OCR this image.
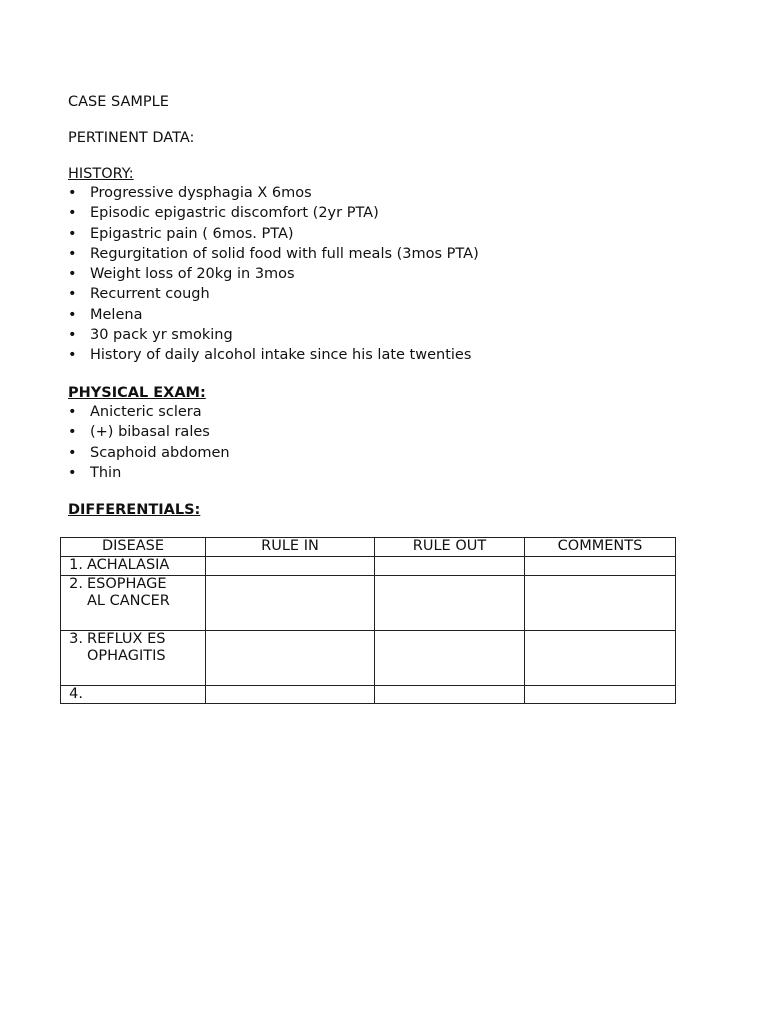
CASE SAMPLE
PERTINENT DATA:
HISTORY:
• Progressive dysphagia X 6mos
• Episodic epigastric discomfort (2yr PTA)
• Epigastric pain ( 6mos. PTA)
• Regurgitation of solid food with full meals (3mos PTA)
• Weight loss of 20kg in 3mos
• Recurrent cough
• Melena
• 30 pack yr smoking
• History of daily alcohol intake since his late twenties
PHYSICAL EXAM:
• Anicteric sclera
• (+) bibasal rales
• Scaphoid abdomen
• Thin
DIFFERENTIALS:
DISEASE	RULE IN	RULE OUT	COMMENTS
1. ACHALASIA			
2. ESOPHAGEAL CANCER			
3. REFLUX ESOPHAGITIS			
4.			
